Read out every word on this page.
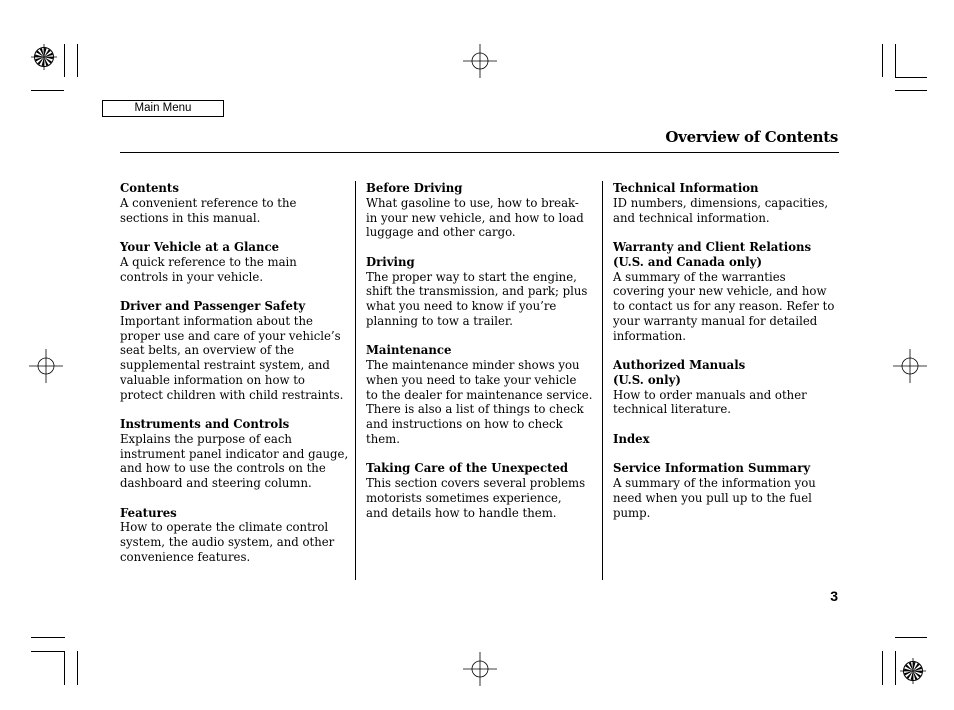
Main Menu
Overview of Contents
Contents
A convenient reference to the
sections in this manual.
Your Vehicle at a Glance
A quick reference to the main
controls in your vehicle.
Driver and Passenger Safety
Important information about the
proper use and care of your vehicle’s
seat belts, an overview of the
supplemental restraint system, and
valuable information on how to
protect children with child restraints.
Instruments and Controls
Explains the purpose of each
instrument panel indicator and gauge,
and how to use the controls on the
dashboard and steering column.
Features
How to operate the climate control
system, the audio system, and other
convenience features.
Before Driving
What gasoline to use, how to break-
in your new vehicle, and how to load
luggage and other cargo.
Driving
The proper way to start the engine,
shift the transmission, and park; plus
what you need to know if you’re
planning to tow a trailer.
Maintenance
The maintenance minder shows you
when you need to take your vehicle
to the dealer for maintenance service.
There is also a list of things to check
and instructions on how to check
them.
Taking Care of the Unexpected
This section covers several problems
motorists sometimes experience,
and details how to handle them.
Technical Information
ID numbers, dimensions, capacities,
and technical information.
Warranty and Client Relations
(U.S. and Canada only)
A summary of the warranties
covering your new vehicle, and how
to contact us for any reason. Refer to
your warranty manual for detailed
information.
Authorized Manuals
(U.S. only)
How to order manuals and other
technical literature.
Index
Service Information Summary
A summary of the information you
need when you pull up to the fuel
pump.
3
